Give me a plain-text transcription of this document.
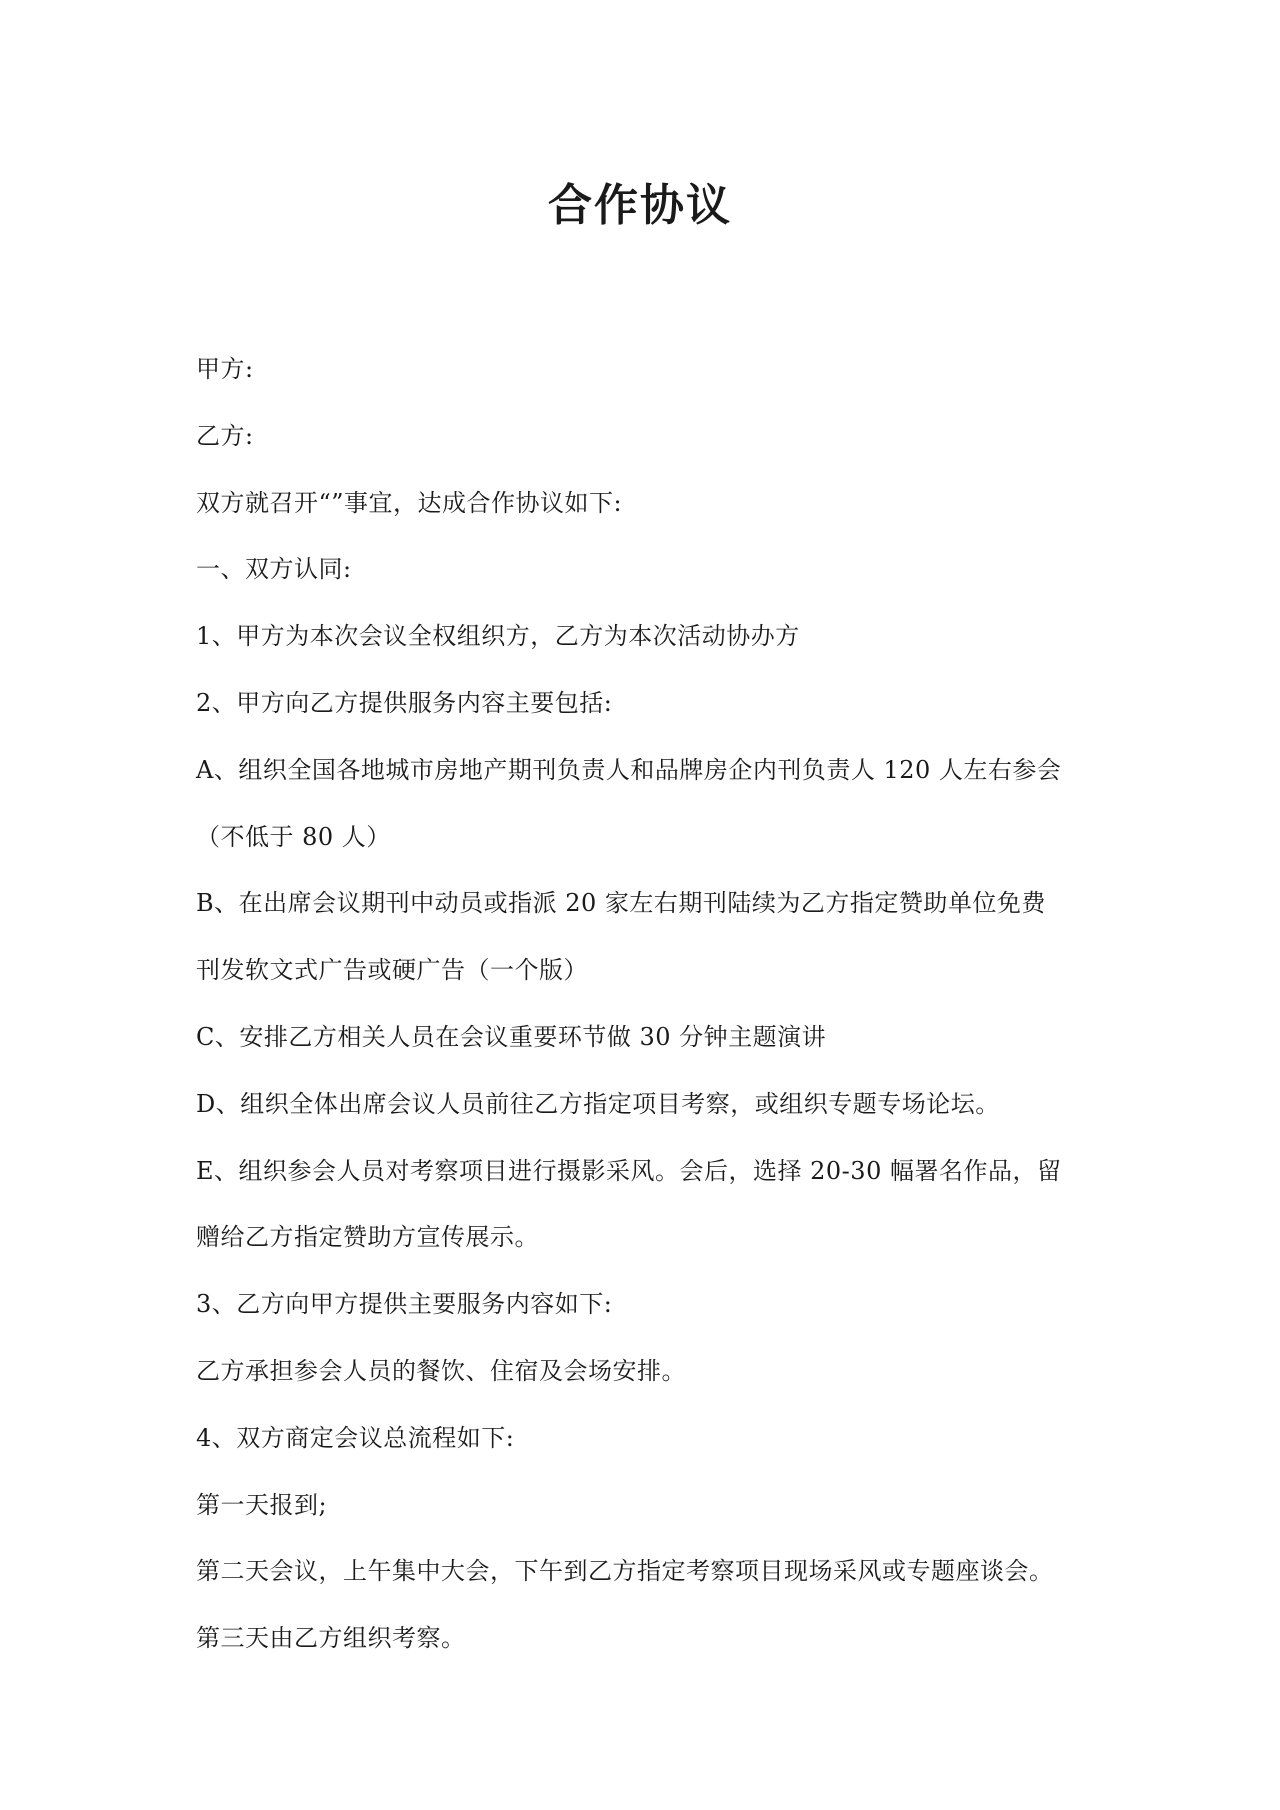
合作协议
甲方:
乙方:
双方就召开“”事宜，达成合作协议如下:
一、双方认同:
1、甲方为本次会议全权组织方，乙方为本次活动协办方
2、甲方向乙方提供服务内容主要包括:
A、组织全国各地城市房地产期刊负责人和品牌房企内刊负责人 120 人左右参会
（不低于 80 人）
B、在出席会议期刊中动员或指派 20 家左右期刊陆续为乙方指定赞助单位免费
刊发软文式广告或硬广告（一个版）
C、安排乙方相关人员在会议重要环节做 30 分钟主题演讲
D、组织全体出席会议人员前往乙方指定项目考察，或组织专题专场论坛。
E、组织参会人员对考察项目进行摄影采风。会后，选择 20-30 幅署名作品，留
赠给乙方指定赞助方宣传展示。
3、乙方向甲方提供主要服务内容如下:
乙方承担参会人员的餐饮、住宿及会场安排。
4、双方商定会议总流程如下:
第一天报到;
第二天会议，上午集中大会，下午到乙方指定考察项目现场采风或专题座谈会。
第三天由乙方组织考察。
